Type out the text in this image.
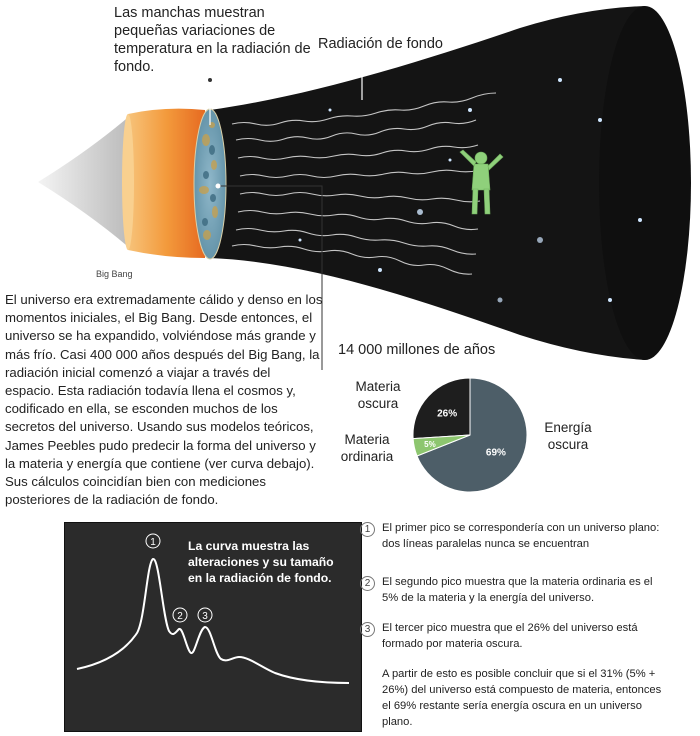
Las manchas muestran pequeñas variaciones de temperatura en la radiación de fondo.
Big Bang
Radiación de fondo
El universo era extremadamente cálido y denso en los momentos iniciales, el Big Bang. Desde entonces, el universo se ha expandido, volviéndose más grande y más frío. Casi 400 000 años después del Big Bang, la radiación inicial comenzó a viajar a través del espacio. Esta radiación todavía llena el cosmos y, codificado en ella, se esconden muchos de los secretos del universo. Usando sus modelos teóricos, James Peebles pudo predecir la forma del universo y la materia y energía que contiene (ver curva debajo). Sus cálculos coincidían bien con mediciones posteriores de la radiación de fondo.
14 000 millones de años
69%
26%
5%
Materia oscura
Materia ordinaria
Energía oscura
1
2 3
La curva muestra las alteraciones y su tamaño en la radiación de fondo.
1	El primer pico se correspondería con un universo plano: dos líneas paralelas nunca se encuentran
2	El segundo pico muestra que la materia ordinaria es el 5% de la materia y la energía del universo.
3	El tercer pico muestra que el 26% del universo está formado por materia oscura.
A partir de esto es posible concluir que si el 31% (5% + 26%) del universo está compuesto de materia, entonces el 69% restante sería energía oscura en un universo plano.
